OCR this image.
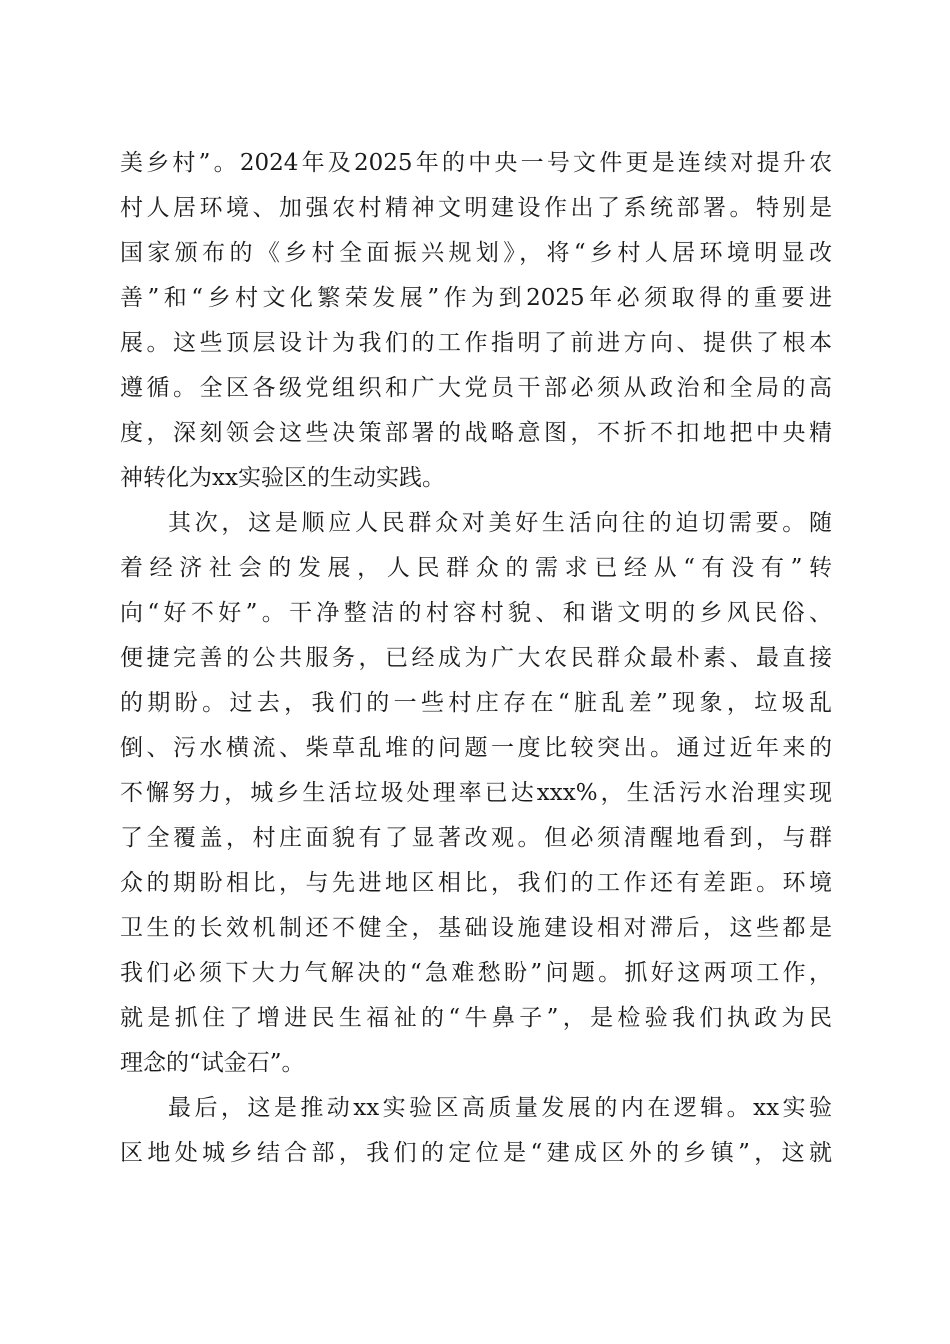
美乡村”。2024年及2025年的中央一号文件更是连续对提升农
村人居环境、加强农村精神文明建设作出了系统部署。特别是
国家颁布的《乡村全面振兴规划》，将“乡村人居环境明显改
善”和“乡村文化繁荣发展”作为到2025年必须取得的重要进
展。这些顶层设计为我们的工作指明了前进方向、提供了根本
遵循。全区各级党组织和广大党员干部必须从政治和全局的高
度，深刻领会这些决策部署的战略意图，不折不扣地把中央精
神转化为xx实验区的生动实践。
其次，这是顺应人民群众对美好生活向往的迫切需要。随
着经济社会的发展，人民群众的需求已经从“有没有”转
向“好不好”。干净整洁的村容村貌、和谐文明的乡风民俗、
便捷完善的公共服务，已经成为广大农民群众最朴素、最直接
的期盼。过去，我们的一些村庄存在“脏乱差”现象，垃圾乱
倒、污水横流、柴草乱堆的问题一度比较突出。通过近年来的
不懈努力，城乡生活垃圾处理率已达xxx%，生活污水治理实现
了全覆盖，村庄面貌有了显著改观。但必须清醒地看到，与群
众的期盼相比，与先进地区相比，我们的工作还有差距。环境
卫生的长效机制还不健全，基础设施建设相对滞后，这些都是
我们必须下大力气解决的“急难愁盼”问题。抓好这两项工作，
就是抓住了增进民生福祉的“牛鼻子”，是检验我们执政为民
理念的“试金石”。
最后，这是推动xx实验区高质量发展的内在逻辑。xx实验
区地处城乡结合部，我们的定位是“建成区外的乡镇”，这就
